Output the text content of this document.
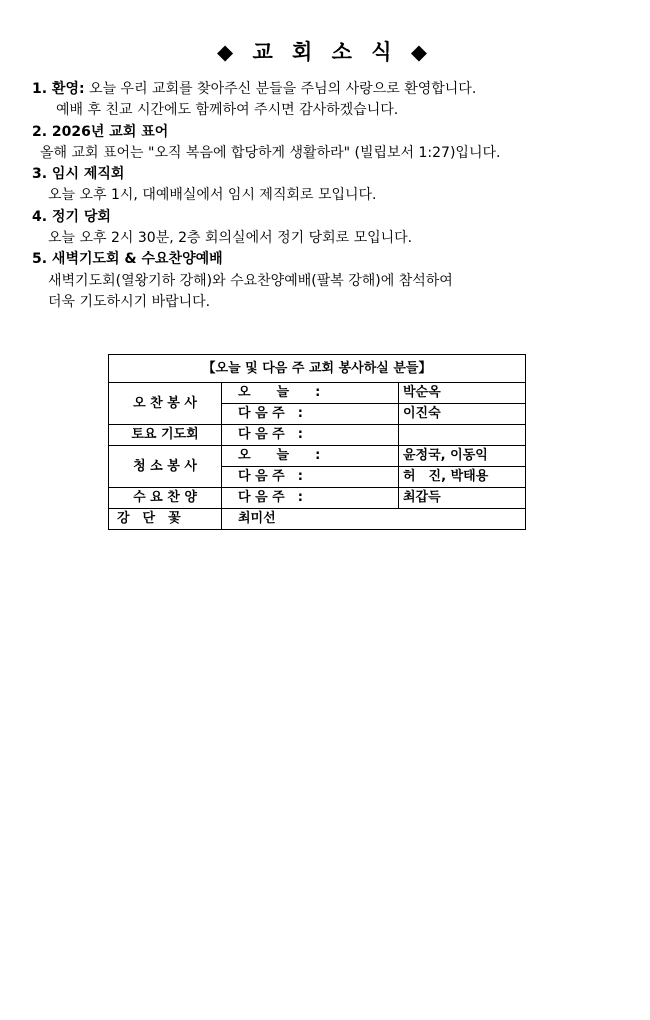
◆ 교 회 소 식 ◆
1. 환영: 오늘 우리 교회를 찾아주신 분들을 주님의 사랑으로 환영합니다.
예배 후 친교 시간에도 함께하여 주시면 감사하겠습니다.
2. 2026년 교회 표어
올해 교회 표어는 "오직 복음에 합당하게 생활하라" (빌립보서 1:27)입니다.
3. 임시 제직회
오늘 오후 1시, 대예배실에서 임시 제직회로 모입니다.
4. 정기 당회
오늘 오후 2시 30분, 2층 회의실에서 정기 당회로 모입니다.
5. 새벽기도회 & 수요찬양예배
새벽기도회(열왕기하 강해)와 수요찬양예배(팔복 강해)에 참석하여
더욱 기도하시기 바랍니다.
【오늘 및 다음 주 교회 봉사하실 분들】		
오 찬 봉 사	오　　늘　　:	박순옥
	다 음 주　:	이진숙
토요 기도회	다 음 주　:	
청 소 봉 사	오　　늘　　:	윤정국, 이동익
	다 음 주　:	허　진, 박태용
수 요 찬 양	다 음 주　:	최갑득
강　단　꽃	최미선	
